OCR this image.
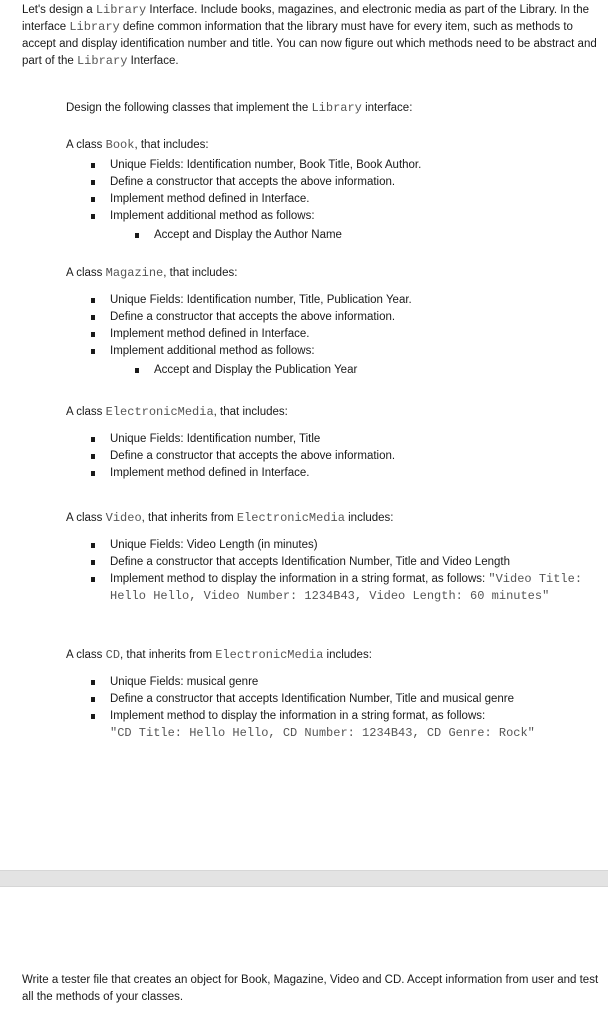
Let's design a Library Interface. Include books, magazines, and electronic media as part of the Library. In the interface Library define common information that the library must have for every item, such as methods to accept and display identification number and title. You can now figure out which methods need to be abstract and part of the Library Interface.

Design the following classes that implement the Library interface:

A class Book, that includes:

Unique Fields: Identification number, Book Title, Book Author.
Define a constructor that accepts the above information.
Implement method defined in Interface.
Implement additional method as follows:
Accept and Display the Author Name

A class Magazine, that includes:

Unique Fields: Identification number, Title, Publication Year.
Define a constructor that accepts the above information.
Implement method defined in Interface.
Implement additional method as follows:
Accept and Display the Publication Year

A class ElectronicMedia, that includes:

Unique Fields: Identification number, Title
Define a constructor that accepts the above information.
Implement method defined in Interface.

A class Video, that inherits from ElectronicMedia includes:

Unique Fields: Video Length (in minutes)
Define a constructor that accepts Identification Number, Title and Video Length
Implement method to display the information in a string format, as follows: "Video Title: Hello Hello, Video Number: 1234B43, Video Length: 60 minutes"

A class CD, that inherits from ElectronicMedia includes:

Unique Fields: musical genre
Define a constructor that accepts Identification Number, Title and musical genre
Implement method to display the information in a string format, as follows:
"CD Title: Hello Hello, CD Number: 1234B43, CD Genre: Rock"

Write a tester file that creates an object for Book, Magazine, Video and CD. Accept information from user and test all the methods of your classes.
